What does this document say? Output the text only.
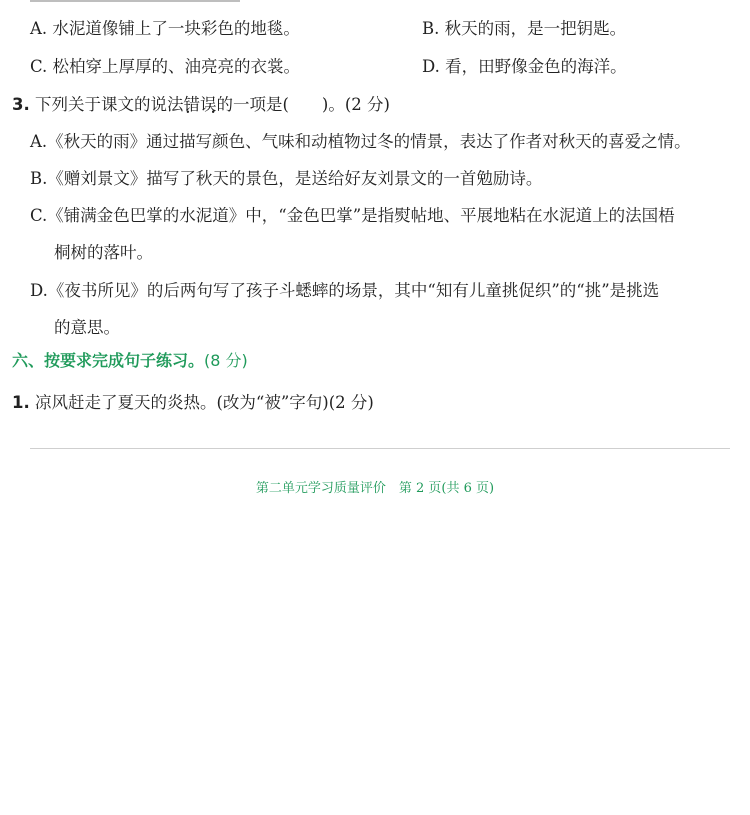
A. 水泥道像铺上了一块彩色的地毯。	B. 秋天的雨，是一把钥匙。
C. 松柏穿上厚厚的、油亮亮的衣裳。	D. 看，田野像金色的海洋。
3. 下列关于课文的说法错误 • •的一项是(　　)。(2 分)
A.《秋天的雨》通过描写颜色、气味和动植物过冬的情景，表达了作者对秋天的喜爱之情。
B.《赠刘景文》描写了秋天的景色，是送给好友刘景文的一首勉励诗。
C.《铺满金色巴掌的水泥道》中，“金色巴掌”是指熨帖地、平展地粘在水泥道上的法国梧
桐树的落叶。
D.《夜书所见》的后两句写了孩子斗蟋蟀的场景，其中“知有儿童挑促织”的“挑”是挑选
的意思。
六、按要求完成句子练习。(8 分)
1. 凉风赶走了夏天的炎热。(改为“被”字句)(2 分)
第二单元学习质量评价　第 2 页(共 6 页)
